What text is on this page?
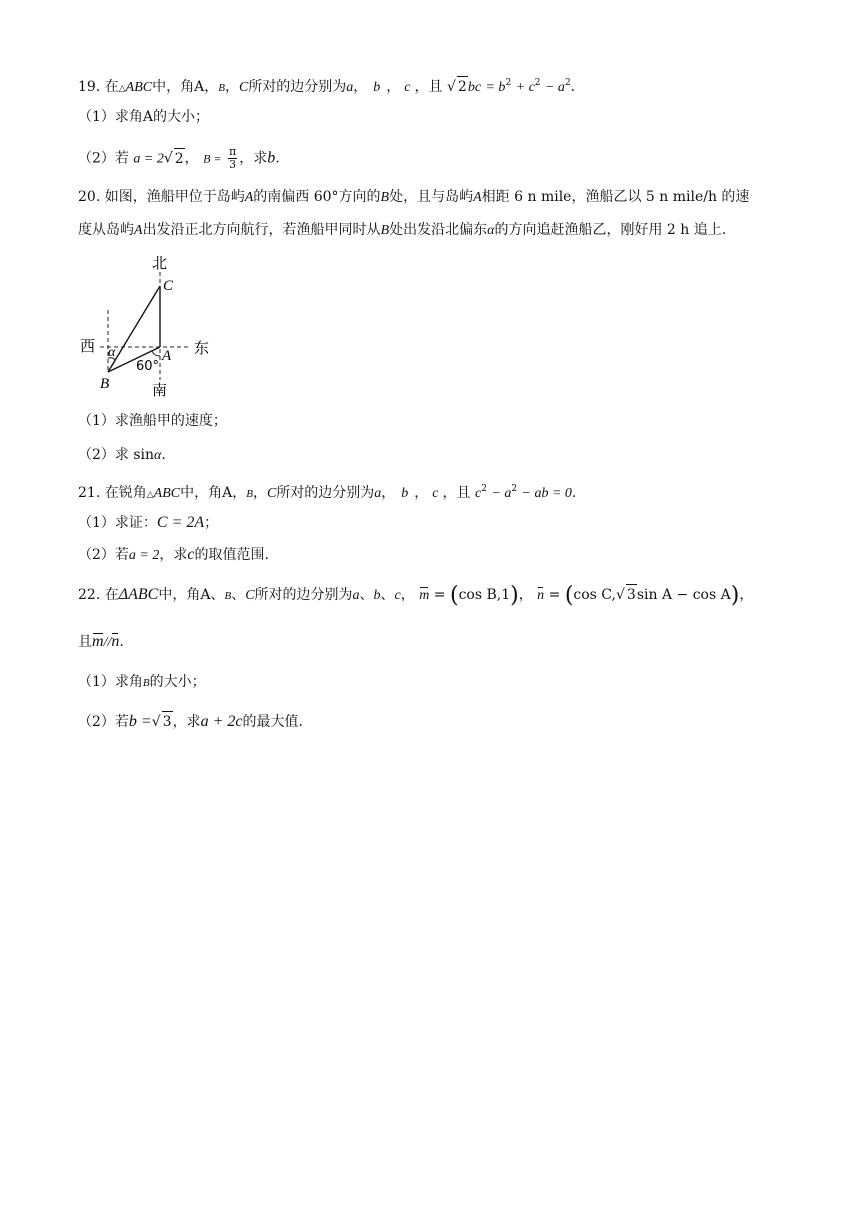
19. 在△ABC中，角A，B，C所对的边分别为a， b ， c ，且 √ $2bc = b^2 + c^2 - a^2$.
（1）求角A的大小；
（2）若 a = 2√ 2， $B = \frac{\pi}{3}$ ，求b.
20. 如图，渔船甲位于岛屿A的南偏西 60°方向的B处，且与岛屿A相距 6 n mile，渔船乙以 5 n mile/h 的速
度从岛屿A出发沿正北方向航行，若渔船甲同时从B处出发沿北偏东α的方向追赶渔船乙，刚好用 2 h 追上.
北
南
西	东
C
A
B
α
60°
（1）求渔船甲的速度；
（2）求 sinα.
21. 在锐角△ABC中，角A，B，C所对的边分别为a， b ， c ，且 $c^2 - a^2$ − ab = 0.
（1）求证：C = 2A；
（2）若a = 2，求c的取值范围.
22. 在ΔABC中，角A、B、C所对的边分别为a、b、c， m = (cos B,1)， n = (cos C,√ 3sin A − cos A)，
且m//n.
（1）求角B的大小；
（2）若b =√ 3，求a + 2c的最大值.
